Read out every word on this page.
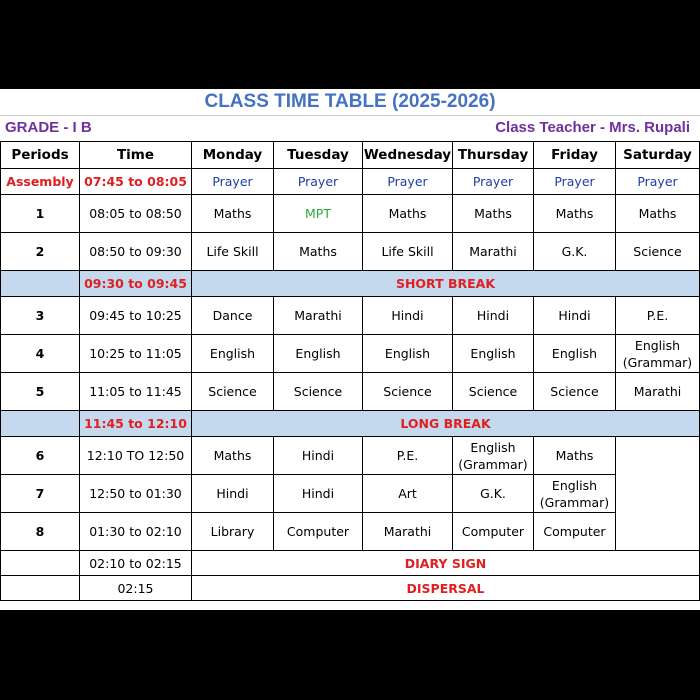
CLASS TIME TABLE (2025-2026)
GRADE - I B	Class Teacher - Mrs. Rupali
Periods	Time	Monday	Tuesday	Wednesday	Thursday	Friday	Saturday
Assembly	07:45 to 08:05	Prayer	Prayer	Prayer	Prayer	Prayer	Prayer
1	08:05 to 08:50	Maths	MPT	Maths	Maths	Maths	Maths
2	08:50 to 09:30	Life Skill	Maths	Life Skill	Marathi	G.K.	Science
	09:30 to 09:45	SHORT BREAK					
3	09:45 to 10:25	Dance	Marathi	Hindi	Hindi	Hindi	P.E.
4	10:25 to 11:05	English	English	English	English	English	English (Grammar)
5	11:05 to 11:45	Science	Science	Science	Science	Science	Marathi
	11:45 to 12:10	LONG BREAK					
6	12:10 TO 12:50	Maths	Hindi	P.E.	English (Grammar)	Maths	
7	12:50 to 01:30	Hindi	Hindi	Art	G.K.	English (Grammar)	
8	01:30 to 02:10	Library	Computer	Marathi	Computer	Computer	
	02:10 to 02:15	DIARY SIGN					
	02:15	DISPERSAL					
